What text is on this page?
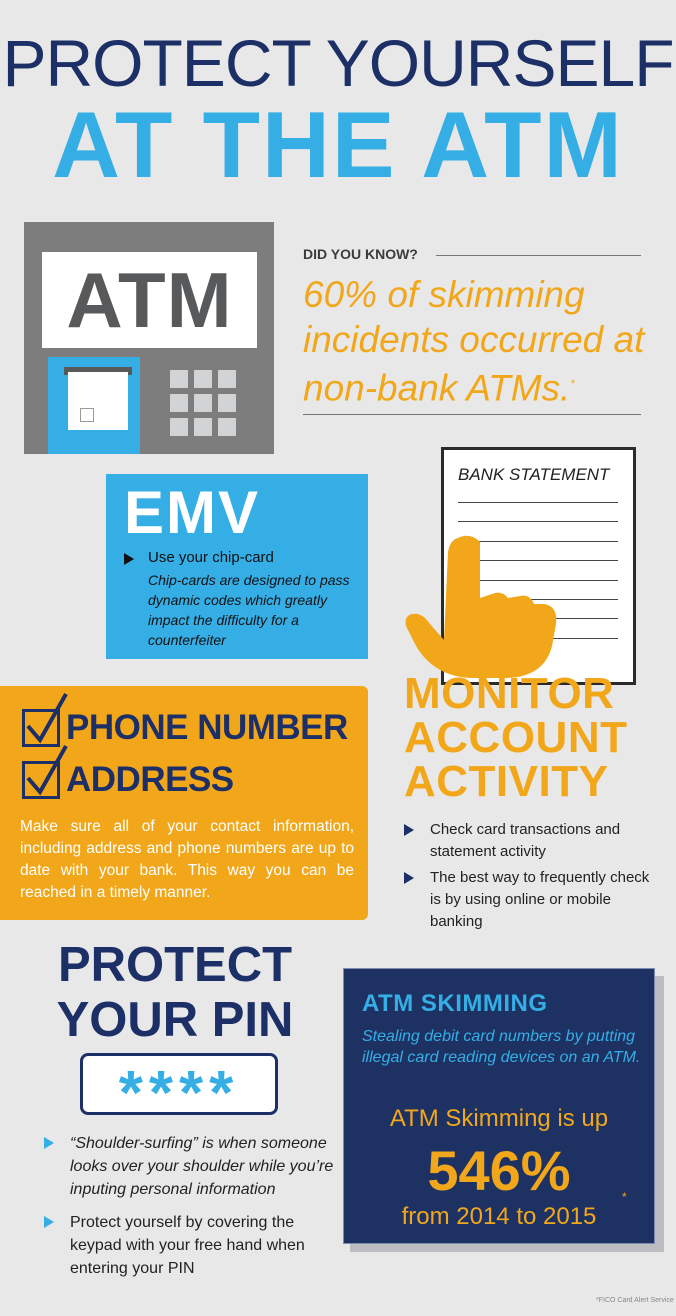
PROTECT YOURSELF
AT THE ATM
ATM
EMV
Use your chip-card
Chip-cards are designed to pass dynamic codes which greatly impact the difficulty for a counterfeiter
DID YOU KNOW?
60% of skimming incidents occurred at non-bank ATMs.*
BANK STATEMENT
MONITOR
ACCOUNT
ACTIVITY
Check card transactions and statement activity
The best way to frequently check is by using online or mobile banking
PHONE NUMBER
ADDRESS
Make sure all of your contact information, including address and phone numbers are up to date with your bank. This way you can be reached in a timely manner.
PROTECT
YOUR PIN
****
“Shoulder-surfing” is when someone looks over your shoulder while you’re inputing personal information
Protect yourself by covering the keypad with your free hand when entering your PIN
ATM SKIMMING
Stealing debit card numbers by putting illegal card reading devices on an ATM.
ATM Skimming is up
546%
from 2014 to 2015
*
*FICO Card Alert Service
